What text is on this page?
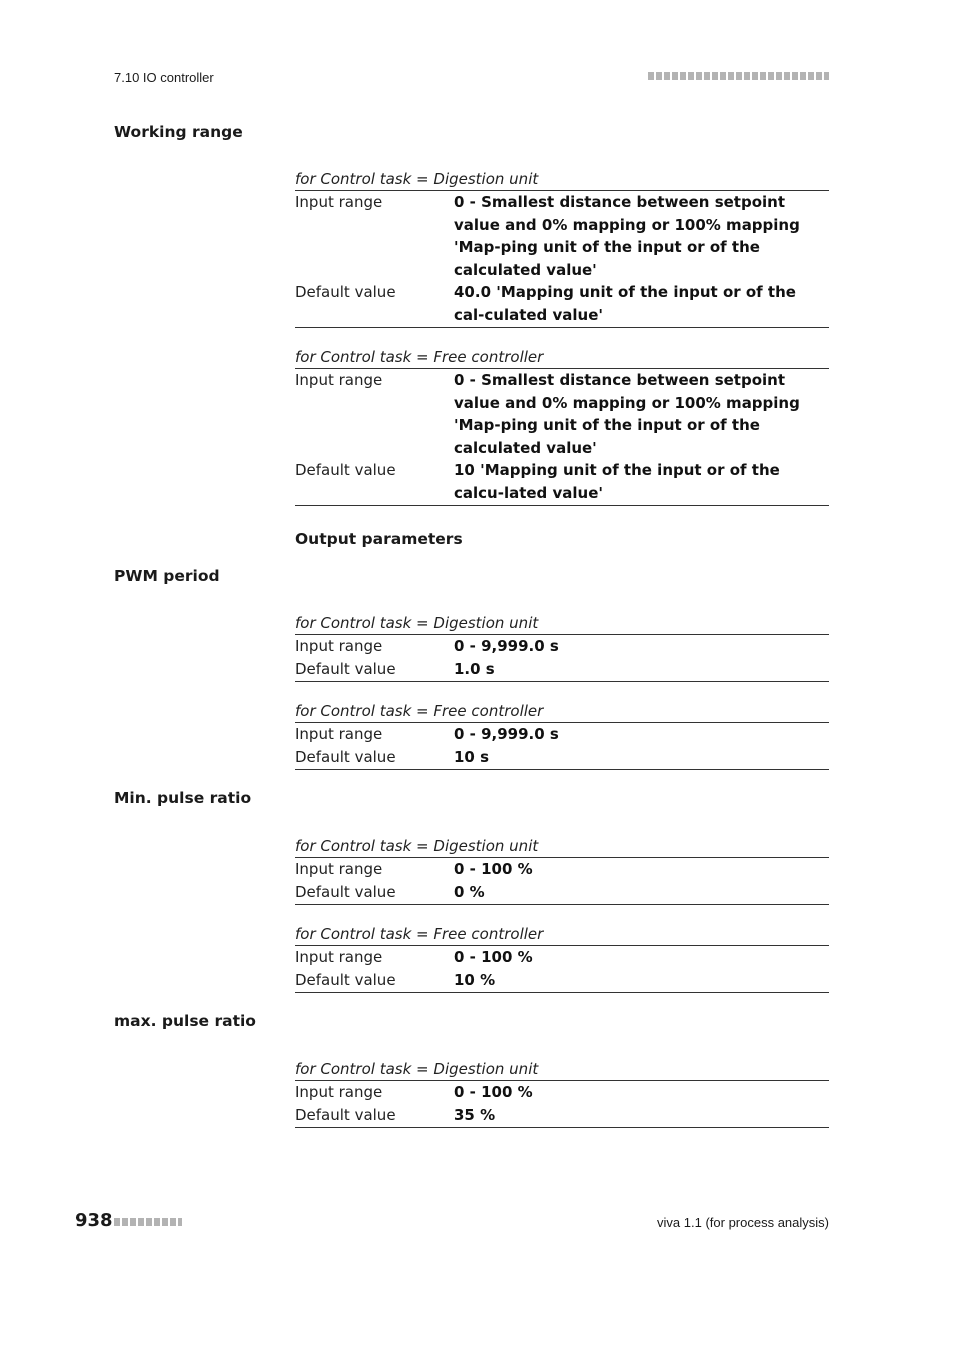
7.10 IO controller
Working range
for Control task = Digestion unit
Input range	0 - Smallest distance between setpoint value and 0% mapping or 100% mapping 'Map-ping unit of the input or of the calculated value'
Default value	40.0 'Mapping unit of the input or of the cal-culated value'
for Control task = Free controller
Input range	0 - Smallest distance between setpoint value and 0% mapping or 100% mapping 'Map-ping unit of the input or of the calculated value'
Default value	10 'Mapping unit of the input or of the calcu-lated value'
Output parameters
PWM period
for Control task = Digestion unit
Input range	0 - 9,999.0 s
Default value	1.0 s
for Control task = Free controller
Input range	0 - 9,999.0 s
Default value	10 s
Min. pulse ratio
for Control task = Digestion unit
Input range	0 - 100 %
Default value	0 %
for Control task = Free controller
Input range	0 - 100 %
Default value	10 %
max. pulse ratio
for Control task = Digestion unit
Input range	0 - 100 %
Default value	35 %
938	viva 1.1 (for process analysis)
